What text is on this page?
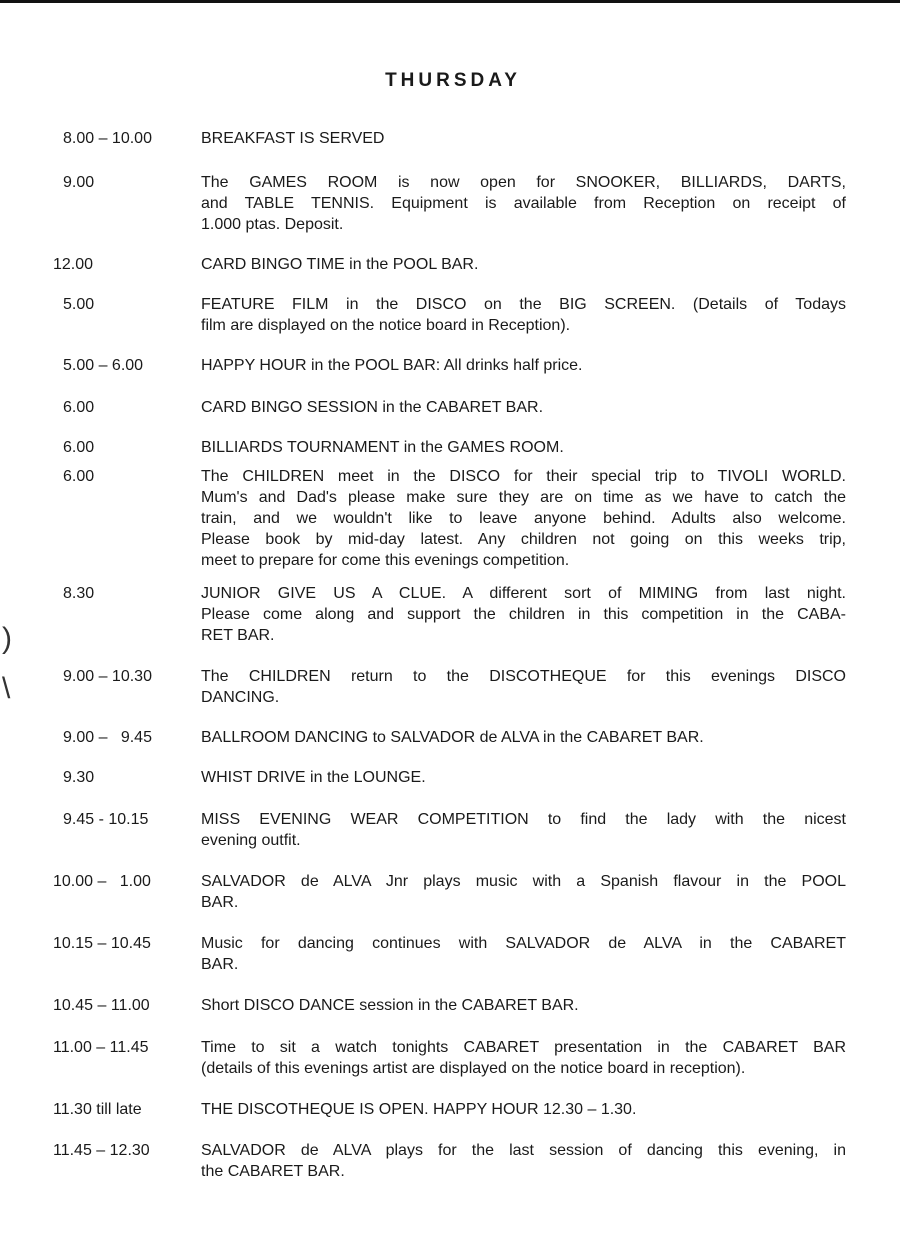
THURSDAY
8.00 – 10.00	BREAKFAST IS SERVED
9.00	The GAMES ROOM is now open for SNOOKER, BILLIARDS, DARTS,
and TABLE TENNIS. Equipment is available from Reception on receipt of
1.000 ptas. Deposit.
12.00	CARD BINGO TIME in the POOL BAR.
5.00	FEATURE FILM in the DISCO on the BIG SCREEN. (Details of Todays
film are displayed on the notice board in Reception).
5.00 – 6.00	HAPPY HOUR in the POOL BAR: All drinks half price.
6.00	CARD BINGO SESSION in the CABARET BAR.
6.00	BILLIARDS TOURNAMENT in the GAMES ROOM.
6.00	The CHILDREN meet in the DISCO for their special trip to TIVOLI WORLD.
Mum's and Dad's please make sure they are on time as we have to catch the
train, and we wouldn't like to leave anyone behind. Adults also welcome.
Please book by mid-day latest. Any children not going on this weeks trip,
meet to prepare for come this evenings competition.
8.30	JUNIOR GIVE US A CLUE. A different sort of MIMING from last night.
Please come along and support the children in this competition in the CABA-
RET BAR.
9.00 – 10.30	The CHILDREN return to the DISCOTHEQUE for this evenings DISCO
DANCING.
9.00 –   9.45	BALLROOM DANCING to SALVADOR de ALVA in the CABARET BAR.
9.30	WHIST DRIVE in the LOUNGE.
9.45 - 10.15	MISS EVENING WEAR COMPETITION to find the lady with the nicest
evening outfit.
10.00 –   1.00	SALVADOR de ALVA Jnr plays music with a Spanish flavour in the POOL
BAR.
10.15 – 10.45	Music for dancing continues with SALVADOR de ALVA in the CABARET
BAR.
10.45 – 11.00	Short DISCO DANCE session in the CABARET BAR.
11.00 – 11.45	Time to sit a watch tonights CABARET presentation in the CABARET BAR
(details of this evenings artist are displayed on the notice board in reception).
11.30 till late	THE DISCOTHEQUE IS OPEN. HAPPY HOUR 12.30 – 1.30.
11.45 – 12.30	SALVADOR de ALVA plays for the last session of dancing this evening, in
the CABARET BAR.
)
\
